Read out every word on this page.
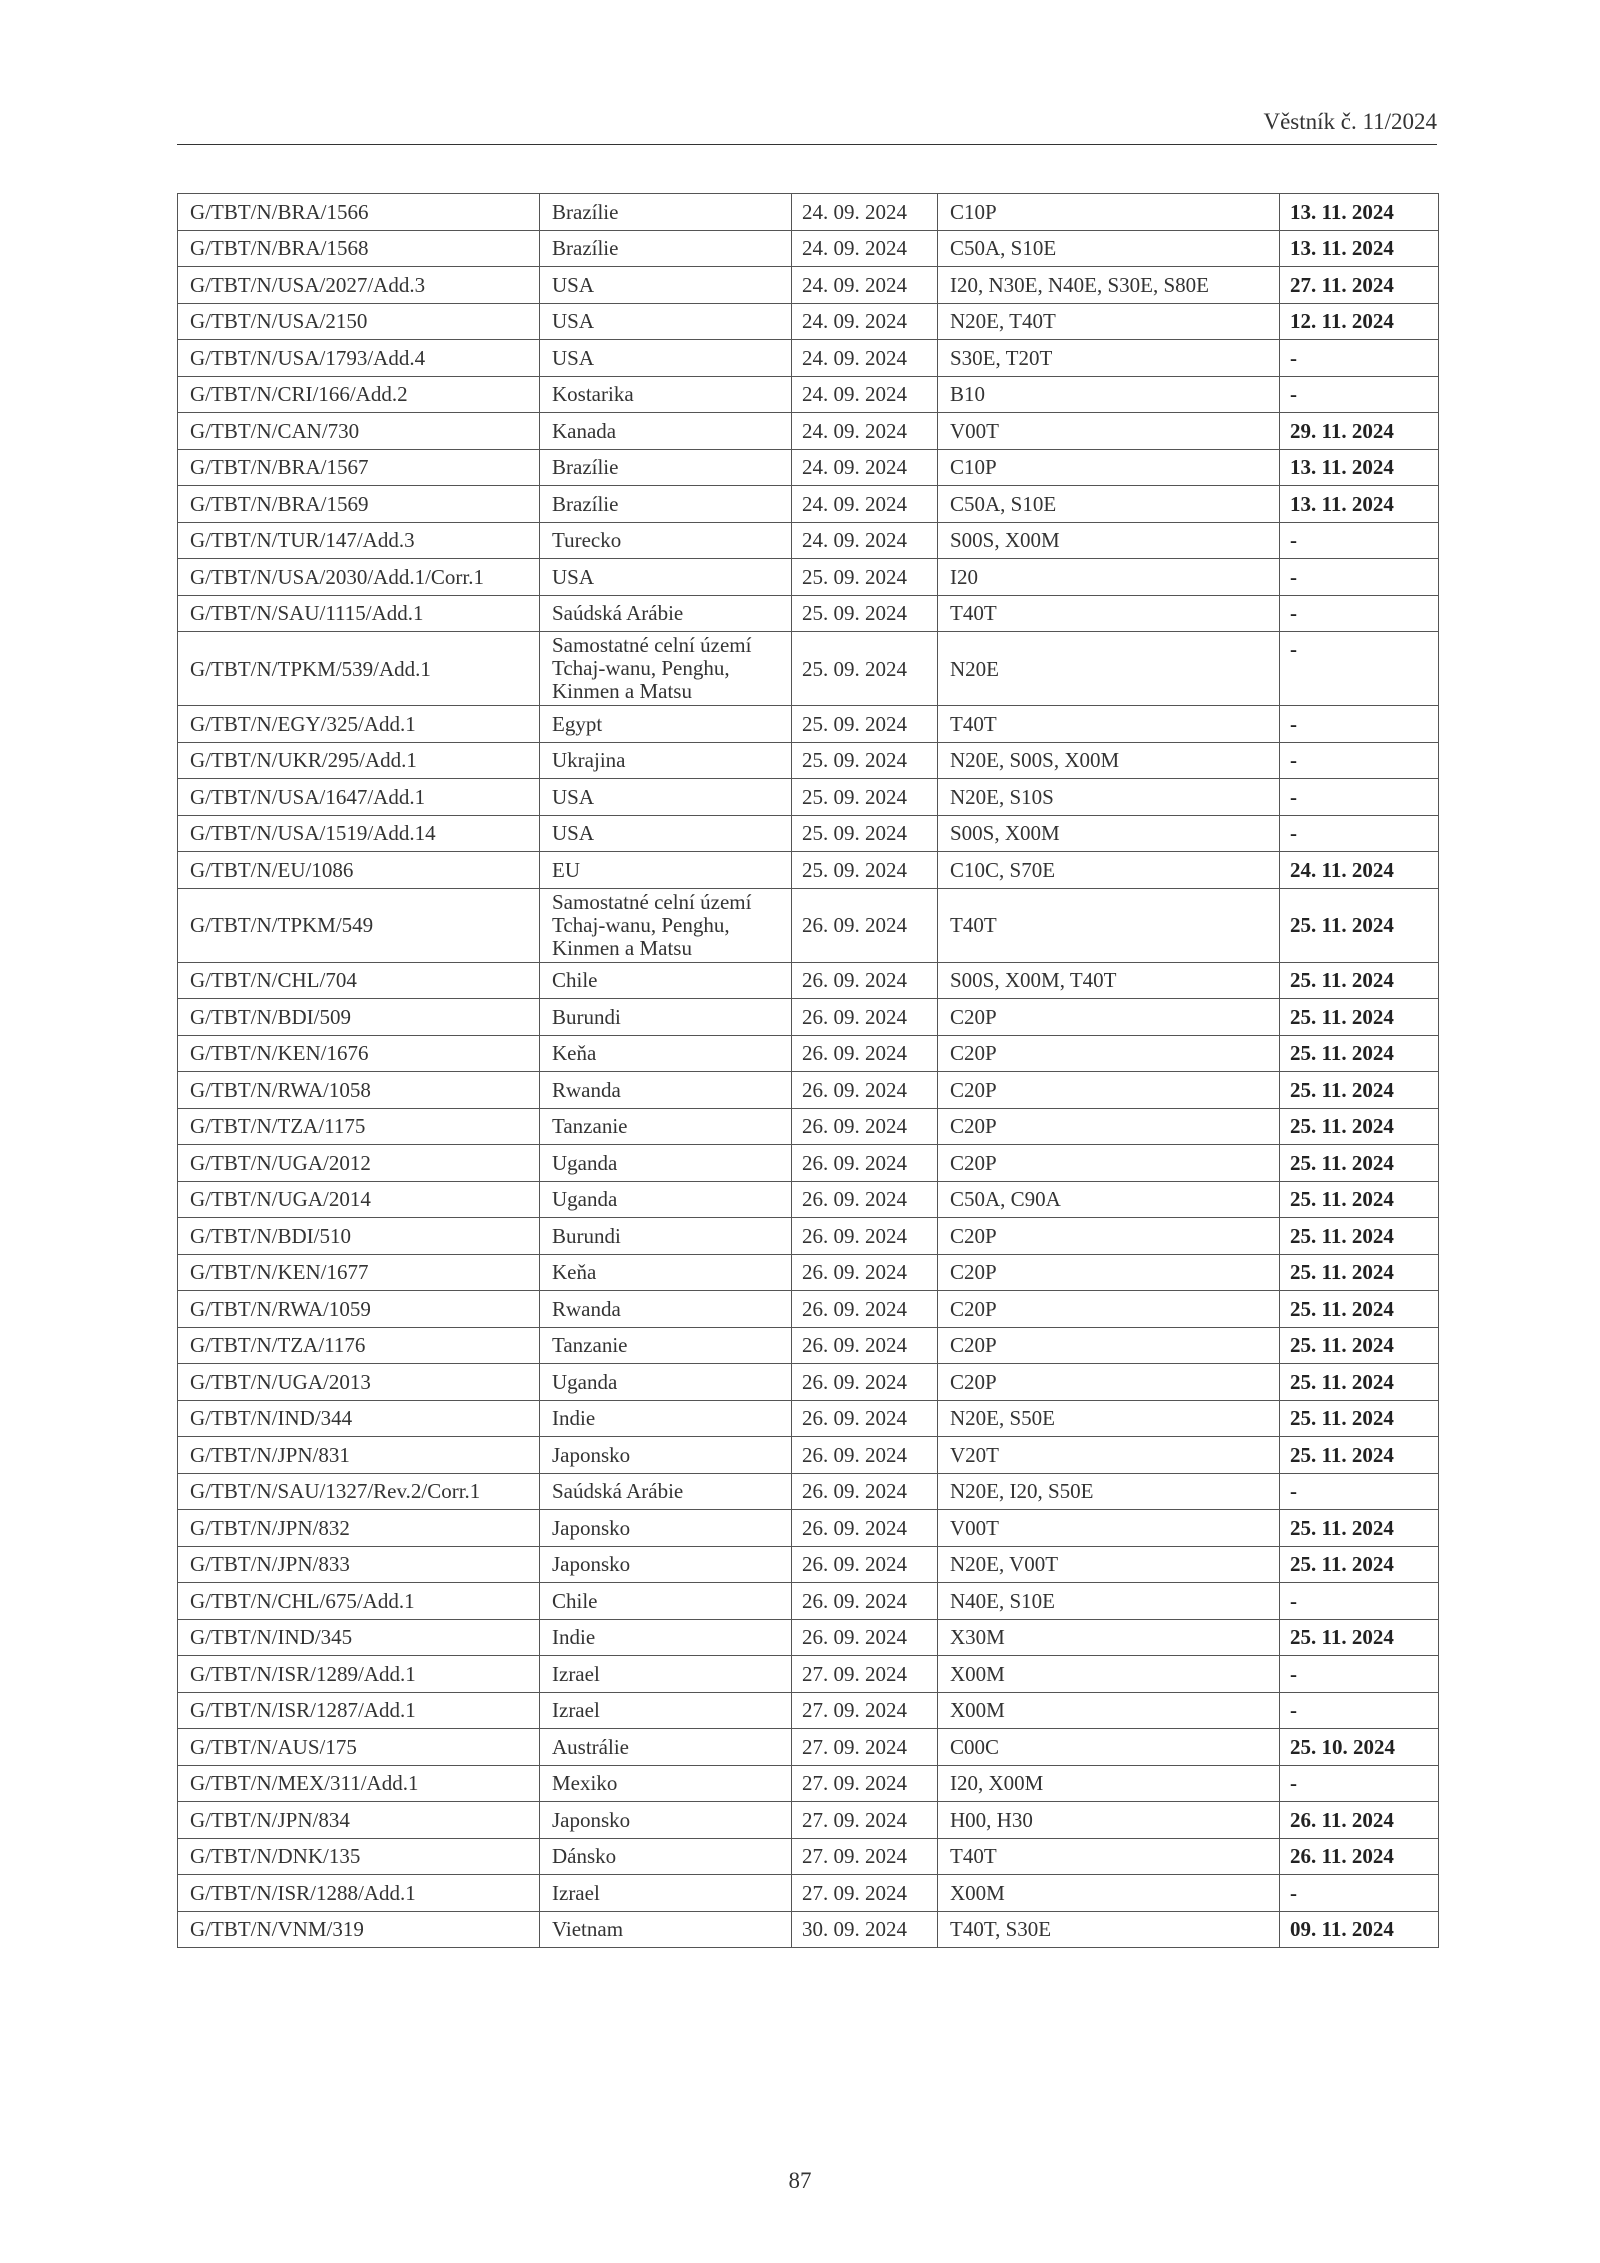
Věstník č. 11/2024
G/TBT/N/BRA/1566	Brazílie	24. 09. 2024	C10P	13. 11. 2024
G/TBT/N/BRA/1568	Brazílie	24. 09. 2024	C50A, S10E	13. 11. 2024
G/TBT/N/USA/2027/Add.3	USA	24. 09. 2024	I20, N30E, N40E, S30E, S80E	27. 11. 2024
G/TBT/N/USA/2150	USA	24. 09. 2024	N20E, T40T	12. 11. 2024
G/TBT/N/USA/1793/Add.4	USA	24. 09. 2024	S30E, T20T	-
G/TBT/N/CRI/166/Add.2	Kostarika	24. 09. 2024	B10	-
G/TBT/N/CAN/730	Kanada	24. 09. 2024	V00T	29. 11. 2024
G/TBT/N/BRA/1567	Brazílie	24. 09. 2024	C10P	13. 11. 2024
G/TBT/N/BRA/1569	Brazílie	24. 09. 2024	C50A, S10E	13. 11. 2024
G/TBT/N/TUR/147/Add.3	Turecko	24. 09. 2024	S00S, X00M	-
G/TBT/N/USA/2030/Add.1/Corr.1	USA	25. 09. 2024	I20	-
G/TBT/N/SAU/1115/Add.1	Saúdská Arábie	25. 09. 2024	T40T	-
G/TBT/N/TPKM/539/Add.1	Samostatné celní území Tchaj-wanu, Penghu, Kinmen a Matsu	25. 09. 2024	N20E	-
G/TBT/N/EGY/325/Add.1	Egypt	25. 09. 2024	T40T	-
G/TBT/N/UKR/295/Add.1	Ukrajina	25. 09. 2024	N20E, S00S, X00M	-
G/TBT/N/USA/1647/Add.1	USA	25. 09. 2024	N20E, S10S	-
G/TBT/N/USA/1519/Add.14	USA	25. 09. 2024	S00S, X00M	-
G/TBT/N/EU/1086	EU	25. 09. 2024	C10C, S70E	24. 11. 2024
G/TBT/N/TPKM/549	Samostatné celní území Tchaj-wanu, Penghu, Kinmen a Matsu	26. 09. 2024	T40T	25. 11. 2024
G/TBT/N/CHL/704	Chile	26. 09. 2024	S00S, X00M, T40T	25. 11. 2024
G/TBT/N/BDI/509	Burundi	26. 09. 2024	C20P	25. 11. 2024
G/TBT/N/KEN/1676	Keňa	26. 09. 2024	C20P	25. 11. 2024
G/TBT/N/RWA/1058	Rwanda	26. 09. 2024	C20P	25. 11. 2024
G/TBT/N/TZA/1175	Tanzanie	26. 09. 2024	C20P	25. 11. 2024
G/TBT/N/UGA/2012	Uganda	26. 09. 2024	C20P	25. 11. 2024
G/TBT/N/UGA/2014	Uganda	26. 09. 2024	C50A, C90A	25. 11. 2024
G/TBT/N/BDI/510	Burundi	26. 09. 2024	C20P	25. 11. 2024
G/TBT/N/KEN/1677	Keňa	26. 09. 2024	C20P	25. 11. 2024
G/TBT/N/RWA/1059	Rwanda	26. 09. 2024	C20P	25. 11. 2024
G/TBT/N/TZA/1176	Tanzanie	26. 09. 2024	C20P	25. 11. 2024
G/TBT/N/UGA/2013	Uganda	26. 09. 2024	C20P	25. 11. 2024
G/TBT/N/IND/344	Indie	26. 09. 2024	N20E, S50E	25. 11. 2024
G/TBT/N/JPN/831	Japonsko	26. 09. 2024	V20T	25. 11. 2024
G/TBT/N/SAU/1327/Rev.2/Corr.1	Saúdská Arábie	26. 09. 2024	N20E, I20, S50E	-
G/TBT/N/JPN/832	Japonsko	26. 09. 2024	V00T	25. 11. 2024
G/TBT/N/JPN/833	Japonsko	26. 09. 2024	N20E, V00T	25. 11. 2024
G/TBT/N/CHL/675/Add.1	Chile	26. 09. 2024	N40E, S10E	-
G/TBT/N/IND/345	Indie	26. 09. 2024	X30M	25. 11. 2024
G/TBT/N/ISR/1289/Add.1	Izrael	27. 09. 2024	X00M	-
G/TBT/N/ISR/1287/Add.1	Izrael	27. 09. 2024	X00M	-
G/TBT/N/AUS/175	Austrálie	27. 09. 2024	C00C	25. 10. 2024
G/TBT/N/MEX/311/Add.1	Mexiko	27. 09. 2024	I20, X00M	-
G/TBT/N/JPN/834	Japonsko	27. 09. 2024	H00, H30	26. 11. 2024
G/TBT/N/DNK/135	Dánsko	27. 09. 2024	T40T	26. 11. 2024
G/TBT/N/ISR/1288/Add.1	Izrael	27. 09. 2024	X00M	-
G/TBT/N/VNM/319	Vietnam	30. 09. 2024	T40T, S30E	09. 11. 2024
87
